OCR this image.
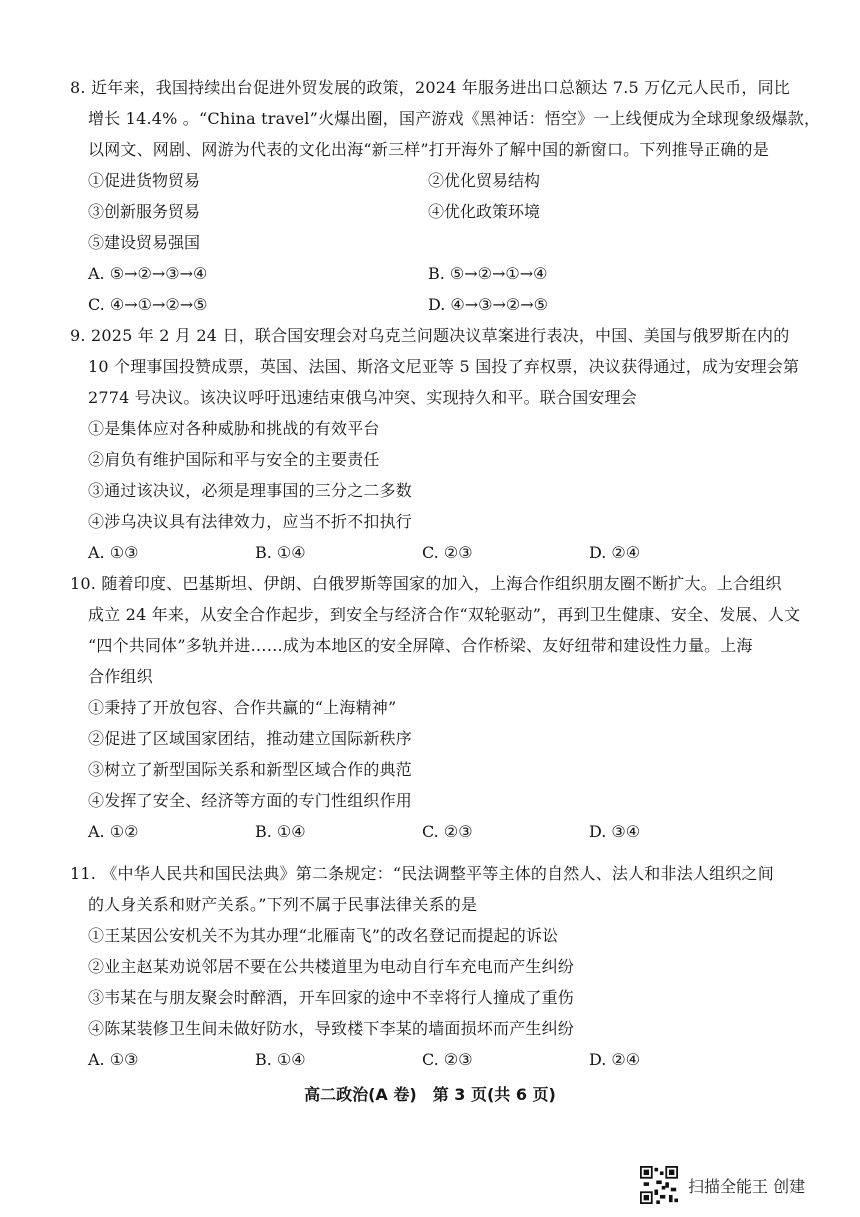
8. 近年来，我国持续出台促进外贸发展的政策，2024 年服务进出口总额达 7.5 万亿元人民币，同比
增长 14.4% 。“China travel”火爆出圈，国产游戏《黑神话：悟空》一上线便成为全球现象级爆款，
以网文、网剧、网游为代表的文化出海“新三样”打开海外了解中国的新窗口。下列推导正确的是
①促进货物贸易	②优化贸易结构
③创新服务贸易	④优化政策环境
⑤建设贸易强国
A. ⑤→②→③→④	B. ⑤→②→①→④
C. ④→①→②→⑤	D. ④→③→②→⑤
9. 2025 年 2 月 24 日，联合国安理会对乌克兰问题决议草案进行表决，中国、美国与俄罗斯在内的
10 个理事国投赞成票，英国、法国、斯洛文尼亚等 5 国投了弃权票，决议获得通过，成为安理会第
2774 号决议。该决议呼吁迅速结束俄乌冲突、实现持久和平。联合国安理会
①是集体应对各种威胁和挑战的有效平台
②肩负有维护国际和平与安全的主要责任
③通过该决议，必须是理事国的三分之二多数
④涉乌决议具有法律效力，应当不折不扣执行
A. ①③	B. ①④	C. ②③	D. ②④
10. 随着印度、巴基斯坦、伊朗、白俄罗斯等国家的加入，上海合作组织朋友圈不断扩大。上合组织
成立 24 年来，从安全合作起步，到安全与经济合作“双轮驱动”，再到卫生健康、安全、发展、人文
“四个共同体”多轨并进……成为本地区的安全屏障、合作桥梁、友好纽带和建设性力量。上海
合作组织
①秉持了开放包容、合作共赢的“上海精神”
②促进了区域国家团结，推动建立国际新秩序
③树立了新型国际关系和新型区域合作的典范
④发挥了安全、经济等方面的专门性组织作用
A. ①②	B. ①④	C. ②③	D. ③④
11. 《中华人民共和国民法典》第二条规定：“民法调整平等主体的自然人、法人和非法人组织之间
的人身关系和财产关系。”下列不属于民事法律关系的是
①王某因公安机关不为其办理“北雁南飞”的改名登记而提起的诉讼
②业主赵某劝说邻居不要在公共楼道里为电动自行车充电而产生纠纷
③韦某在与朋友聚会时醉酒，开车回家的途中不幸将行人撞成了重伤
④陈某装修卫生间未做好防水，导致楼下李某的墙面损坏而产生纠纷
A. ①③	B. ①④	C. ②③	D. ②④
高二政治(A 卷)　第 3 页(共 6 页)
扫描全能王 创建
